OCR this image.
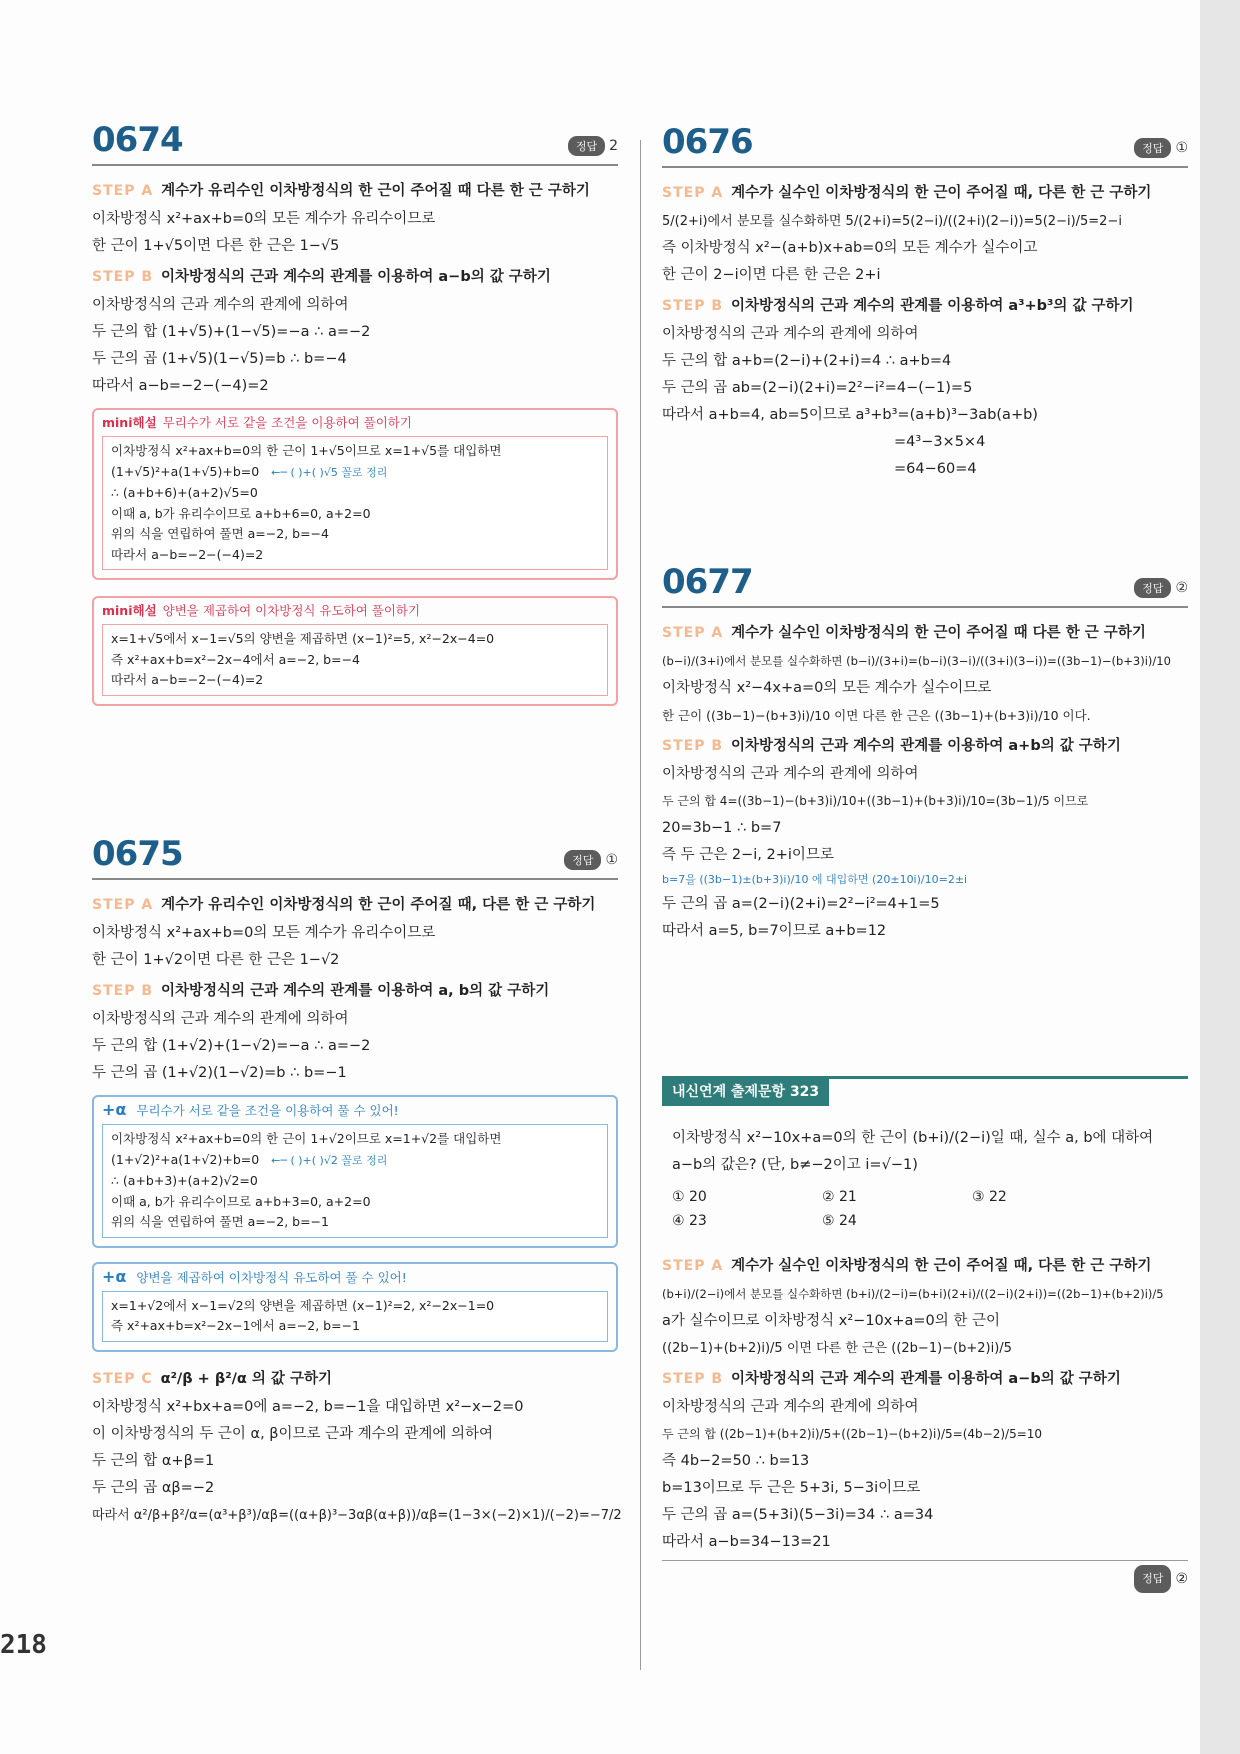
218
0674	정답 2
STEP A 계수가 유리수인 이차방정식의 한 근이 주어질 때 다른 한 근 구하기
이차방정식 x²+ax+b=0의 모든 계수가 유리수이므로
한 근이 1+√5이면 다른 한 근은 1−√5
STEP B 이차방정식의 근과 계수의 관계를 이용하여 a−b의 값 구하기
이차방정식의 근과 계수의 관계에 의하여
두 근의 합 (1+√5)+(1−√5)=−a ∴ a=−2
두 근의 곱 (1+√5)(1−√5)=b ∴ b=−4
따라서 a−b=−2−(−4)=2
mini해설 무리수가 서로 같을 조건을 이용하여 풀이하기
이차방정식 x²+ax+b=0의 한 근이 1+√5이므로 x=1+√5를 대입하면
(1+√5)²+a(1+√5)+b=0 ←─ ( )+( )√5 꼴로 정리
∴ (a+b+6)+(a+2)√5=0
이때 a, b가 유리수이므로 a+b+6=0, a+2=0
위의 식을 연립하여 풀면 a=−2, b=−4
따라서 a−b=−2−(−4)=2
mini해설 양변을 제곱하여 이차방정식 유도하여 풀이하기
x=1+√5에서 x−1=√5의 양변을 제곱하면 (x−1)²=5, x²−2x−4=0
즉 x²+ax+b=x²−2x−4에서 a=−2, b=−4
따라서 a−b=−2−(−4)=2
0675	정답 ①
STEP A 계수가 유리수인 이차방정식의 한 근이 주어질 때, 다른 한 근 구하기
이차방정식 x²+ax+b=0의 모든 계수가 유리수이므로
한 근이 1+√2이면 다른 한 근은 1−√2
STEP B 이차방정식의 근과 계수의 관계를 이용하여 a, b의 값 구하기
이차방정식의 근과 계수의 관계에 의하여
두 근의 합 (1+√2)+(1−√2)=−a ∴ a=−2
두 근의 곱 (1+√2)(1−√2)=b ∴ b=−1
+α 무리수가 서로 같을 조건을 이용하여 풀 수 있어!
이차방정식 x²+ax+b=0의 한 근이 1+√2이므로 x=1+√2를 대입하면
(1+√2)²+a(1+√2)+b=0 ←─ ( )+( )√2 꼴로 정리
∴ (a+b+3)+(a+2)√2=0
이때 a, b가 유리수이므로 a+b+3=0, a+2=0
위의 식을 연립하여 풀면 a=−2, b=−1
+α 양변을 제곱하여 이차방정식 유도하여 풀 수 있어!
x=1+√2에서 x−1=√2의 양변을 제곱하면 (x−1)²=2, x²−2x−1=0
즉 x²+ax+b=x²−2x−1에서 a=−2, b=−1
STEP C α²/β + β²/α 의 값 구하기
이차방정식 x²+bx+a=0에 a=−2, b=−1을 대입하면 x²−x−2=0
이 이차방정식의 두 근이 α, β이므로 근과 계수의 관계에 의하여
두 근의 합 α+β=1
두 근의 곱 αβ=−2
따라서 α²/β+β²/α=(α³+β³)/αβ=((α+β)³−3αβ(α+β))/αβ=(1−3×(−2)×1)/(−2)=−7/2
0676	정답 ①
STEP A 계수가 실수인 이차방정식의 한 근이 주어질 때, 다른 한 근 구하기
5/(2+i)에서 분모를 실수화하면 5/(2+i)=5(2−i)/((2+i)(2−i))=5(2−i)/5=2−i
즉 이차방정식 x²−(a+b)x+ab=0의 모든 계수가 실수이고
한 근이 2−i이면 다른 한 근은 2+i
STEP B 이차방정식의 근과 계수의 관계를 이용하여 a³+b³의 값 구하기
이차방정식의 근과 계수의 관계에 의하여
두 근의 합 a+b=(2−i)+(2+i)=4 ∴ a+b=4
두 근의 곱 ab=(2−i)(2+i)=2²−i²=4−(−1)=5
따라서 a+b=4, ab=5이므로 a³+b³=(a+b)³−3ab(a+b)
=4³−3×5×4
=64−60=4
0677	정답 ②
STEP A 계수가 실수인 이차방정식의 한 근이 주어질 때 다른 한 근 구하기
(b−i)/(3+i)에서 분모를 실수화하면 (b−i)/(3+i)=(b−i)(3−i)/((3+i)(3−i))=((3b−1)−(b+3)i)/10
이차방정식 x²−4x+a=0의 모든 계수가 실수이므로
한 근이 ((3b−1)−(b+3)i)/10 이면 다른 한 근은 ((3b−1)+(b+3)i)/10 이다.
STEP B 이차방정식의 근과 계수의 관계를 이용하여 a+b의 값 구하기
이차방정식의 근과 계수의 관계에 의하여
두 근의 합 4=((3b−1)−(b+3)i)/10+((3b−1)+(b+3)i)/10=(3b−1)/5 이므로
20=3b−1 ∴ b=7
즉 두 근은 2−i, 2+i이므로
b=7을 ((3b−1)±(b+3)i)/10 에 대입하면 (20±10i)/10=2±i
두 근의 곱 a=(2−i)(2+i)=2²−i²=4+1=5
따라서 a=5, b=7이므로 a+b=12
내신연계 출제문항 323
이차방정식 x²−10x+a=0의 한 근이 (b+i)/(2−i)일 때, 실수 a, b에 대하여
a−b의 값은? (단, b≠−2이고 i=√−1)
① 20	② 21	③ 22
④ 23	⑤ 24
STEP A 계수가 실수인 이차방정식의 한 근이 주어질 때, 다른 한 근 구하기
(b+i)/(2−i)에서 분모를 실수화하면 (b+i)/(2−i)=(b+i)(2+i)/((2−i)(2+i))=((2b−1)+(b+2)i)/5
a가 실수이므로 이차방정식 x²−10x+a=0의 한 근이
((2b−1)+(b+2)i)/5 이면 다른 한 근은 ((2b−1)−(b+2)i)/5
STEP B 이차방정식의 근과 계수의 관계를 이용하여 a−b의 값 구하기
이차방정식의 근과 계수의 관계에 의하여
두 근의 합 ((2b−1)+(b+2)i)/5+((2b−1)−(b+2)i)/5=(4b−2)/5=10
즉 4b−2=50 ∴ b=13
b=13이므로 두 근은 5+3i, 5−3i이므로
두 근의 곱 a=(5+3i)(5−3i)=34 ∴ a=34
따라서 a−b=34−13=21
정답 ②
